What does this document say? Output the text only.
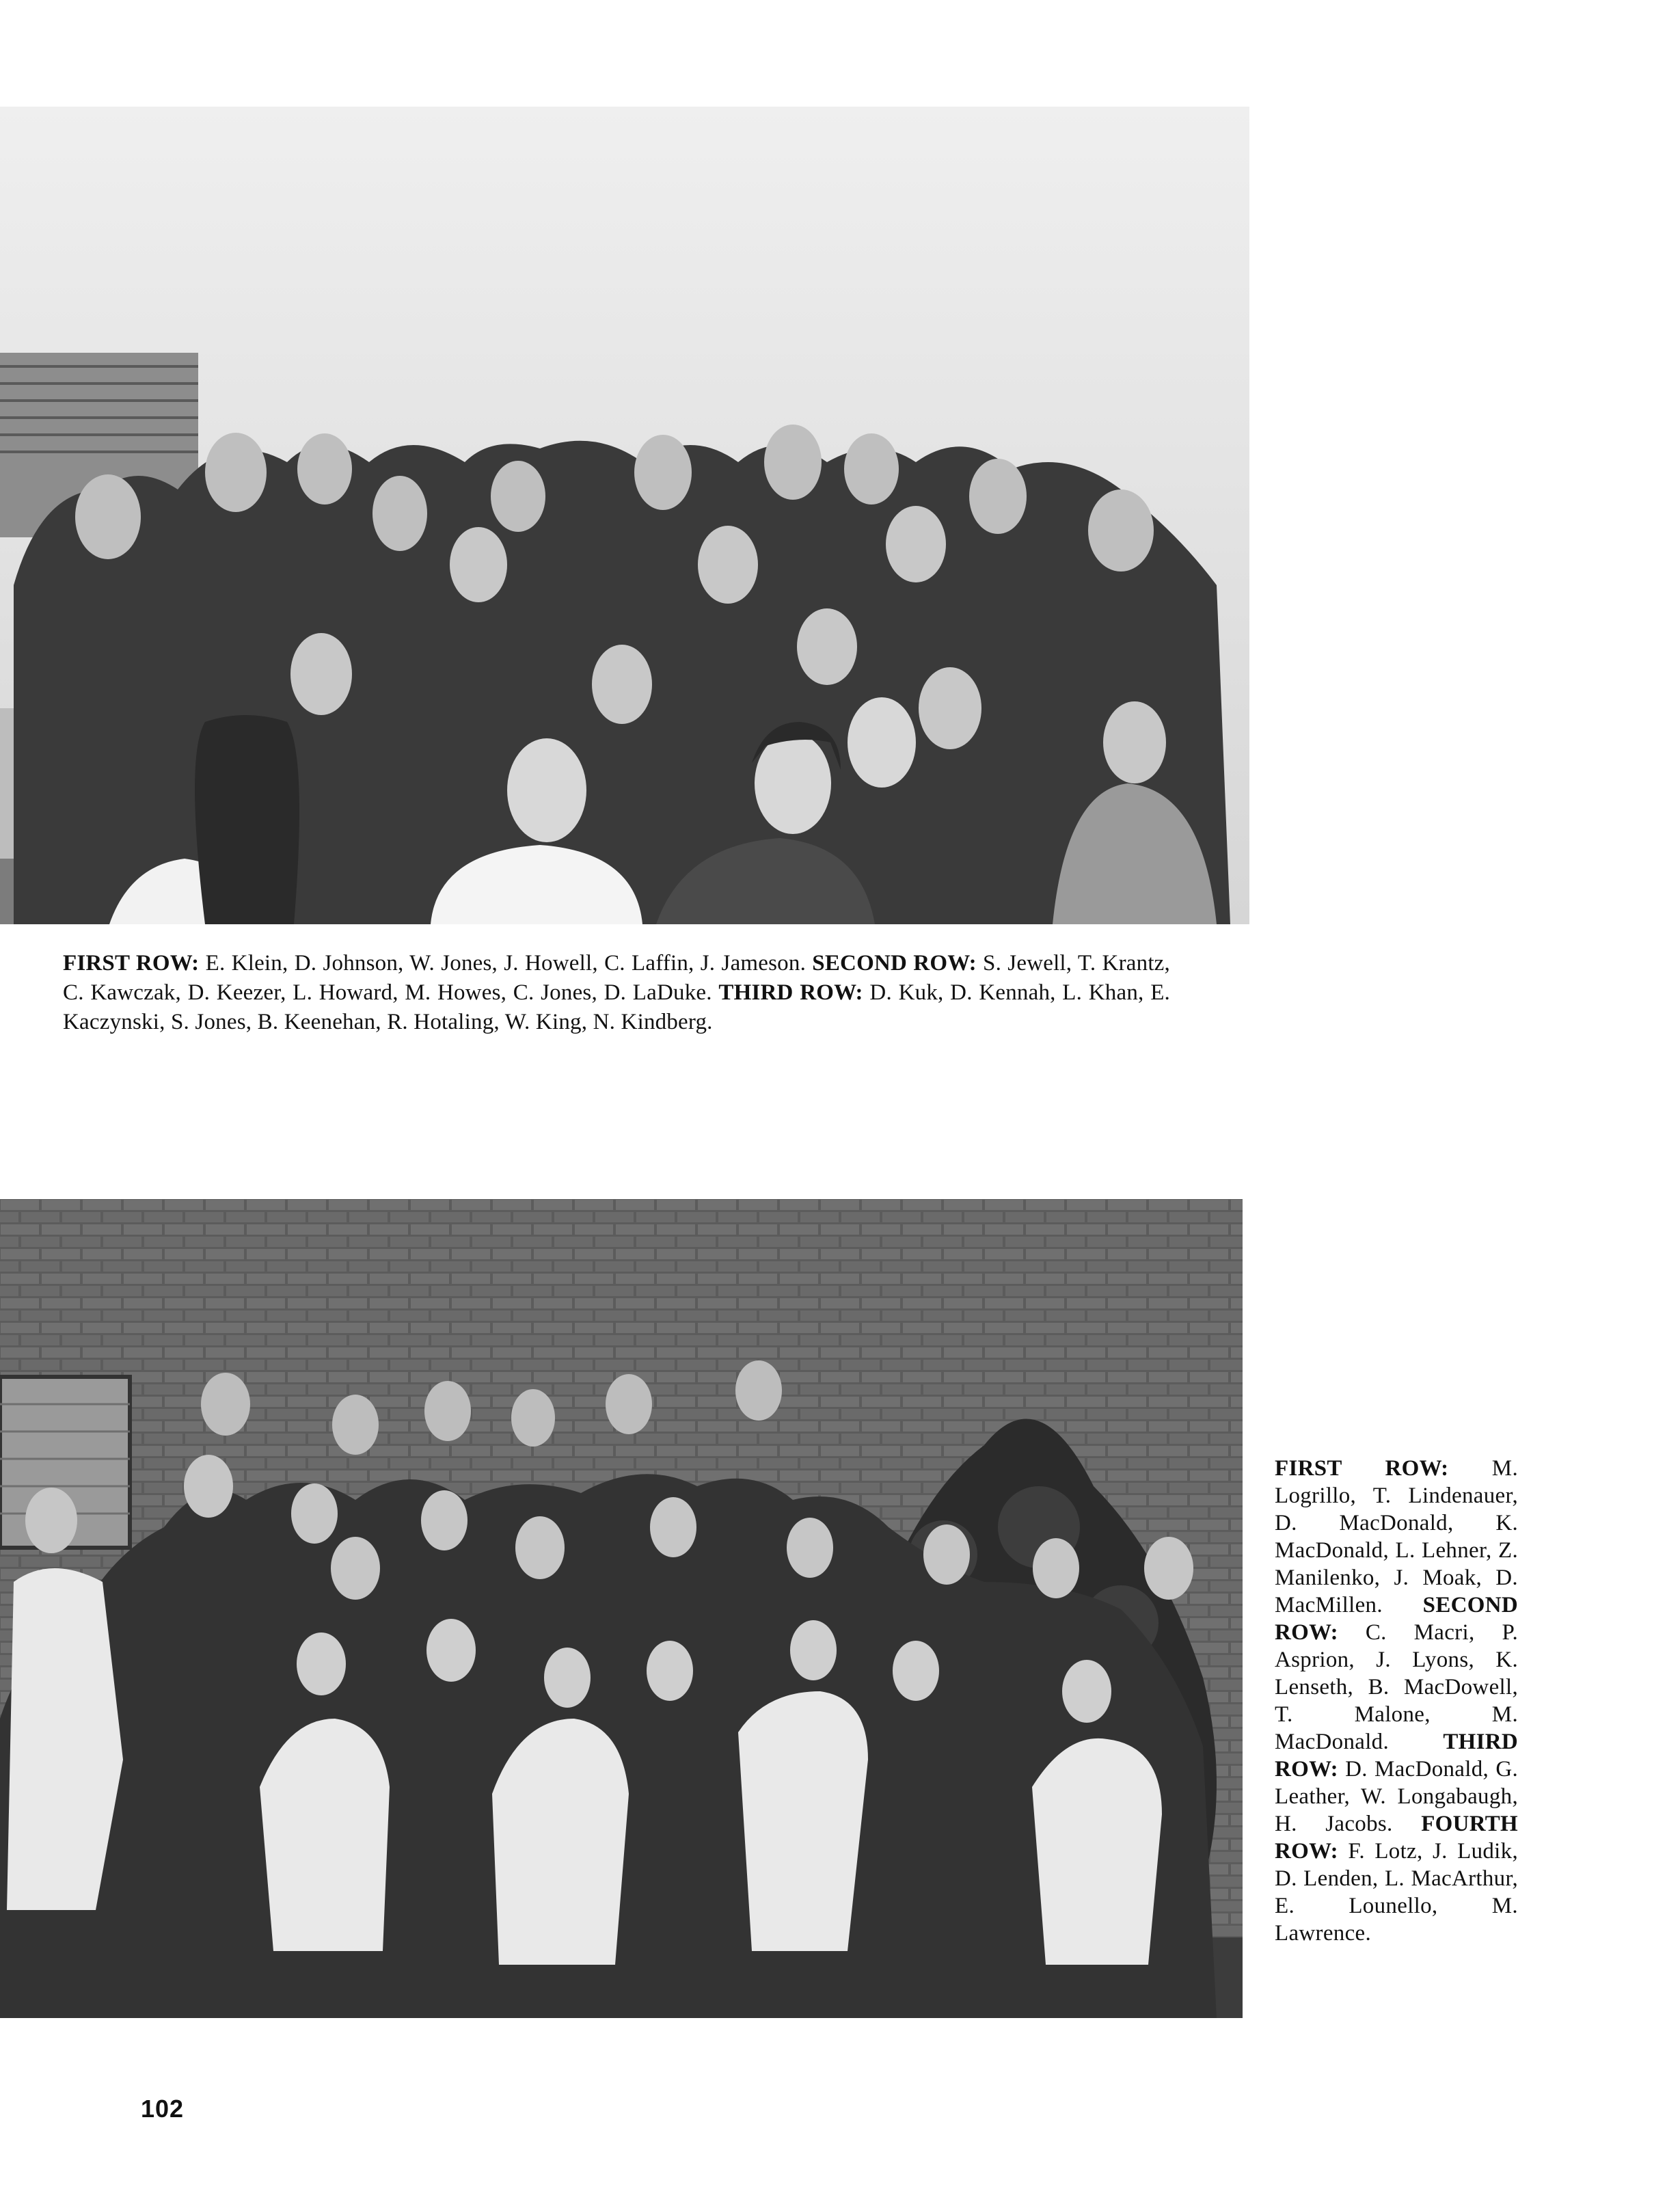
FIRST ROW: E. Klein, D. Johnson, W. Jones, J. Howell, C. Laffin, J. Jameson. SECOND ROW: S. Jewell, T. Krantz, C. Kawczak, D. Keezer, L. Howard, M. Howes, C. Jones, D. LaDuke. THIRD ROW: D. Kuk, D. Kennah, L. Khan, E. Kaczynski, S. Jones, B. Keenehan, R. Hotaling, W. King, N. Kindberg.
FIRST ROW: M. Logrillo, T. Lindenauer, D. MacDonald, K. MacDonald, L. Lehner, Z. Manilenko, J. Moak, D. MacMillen. SECOND ROW: C. Macri, P. Asprion, J. Lyons, K. Lenseth, B. MacDowell, T. Malone, M. MacDonald. THIRD ROW: D. MacDonald, G. Leather, W. Longabaugh, H. Jacobs. FOURTH ROW: F. Lotz, J. Ludik, D. Lenden, L. MacArthur, E. Lounello, M. Lawrence.
102
